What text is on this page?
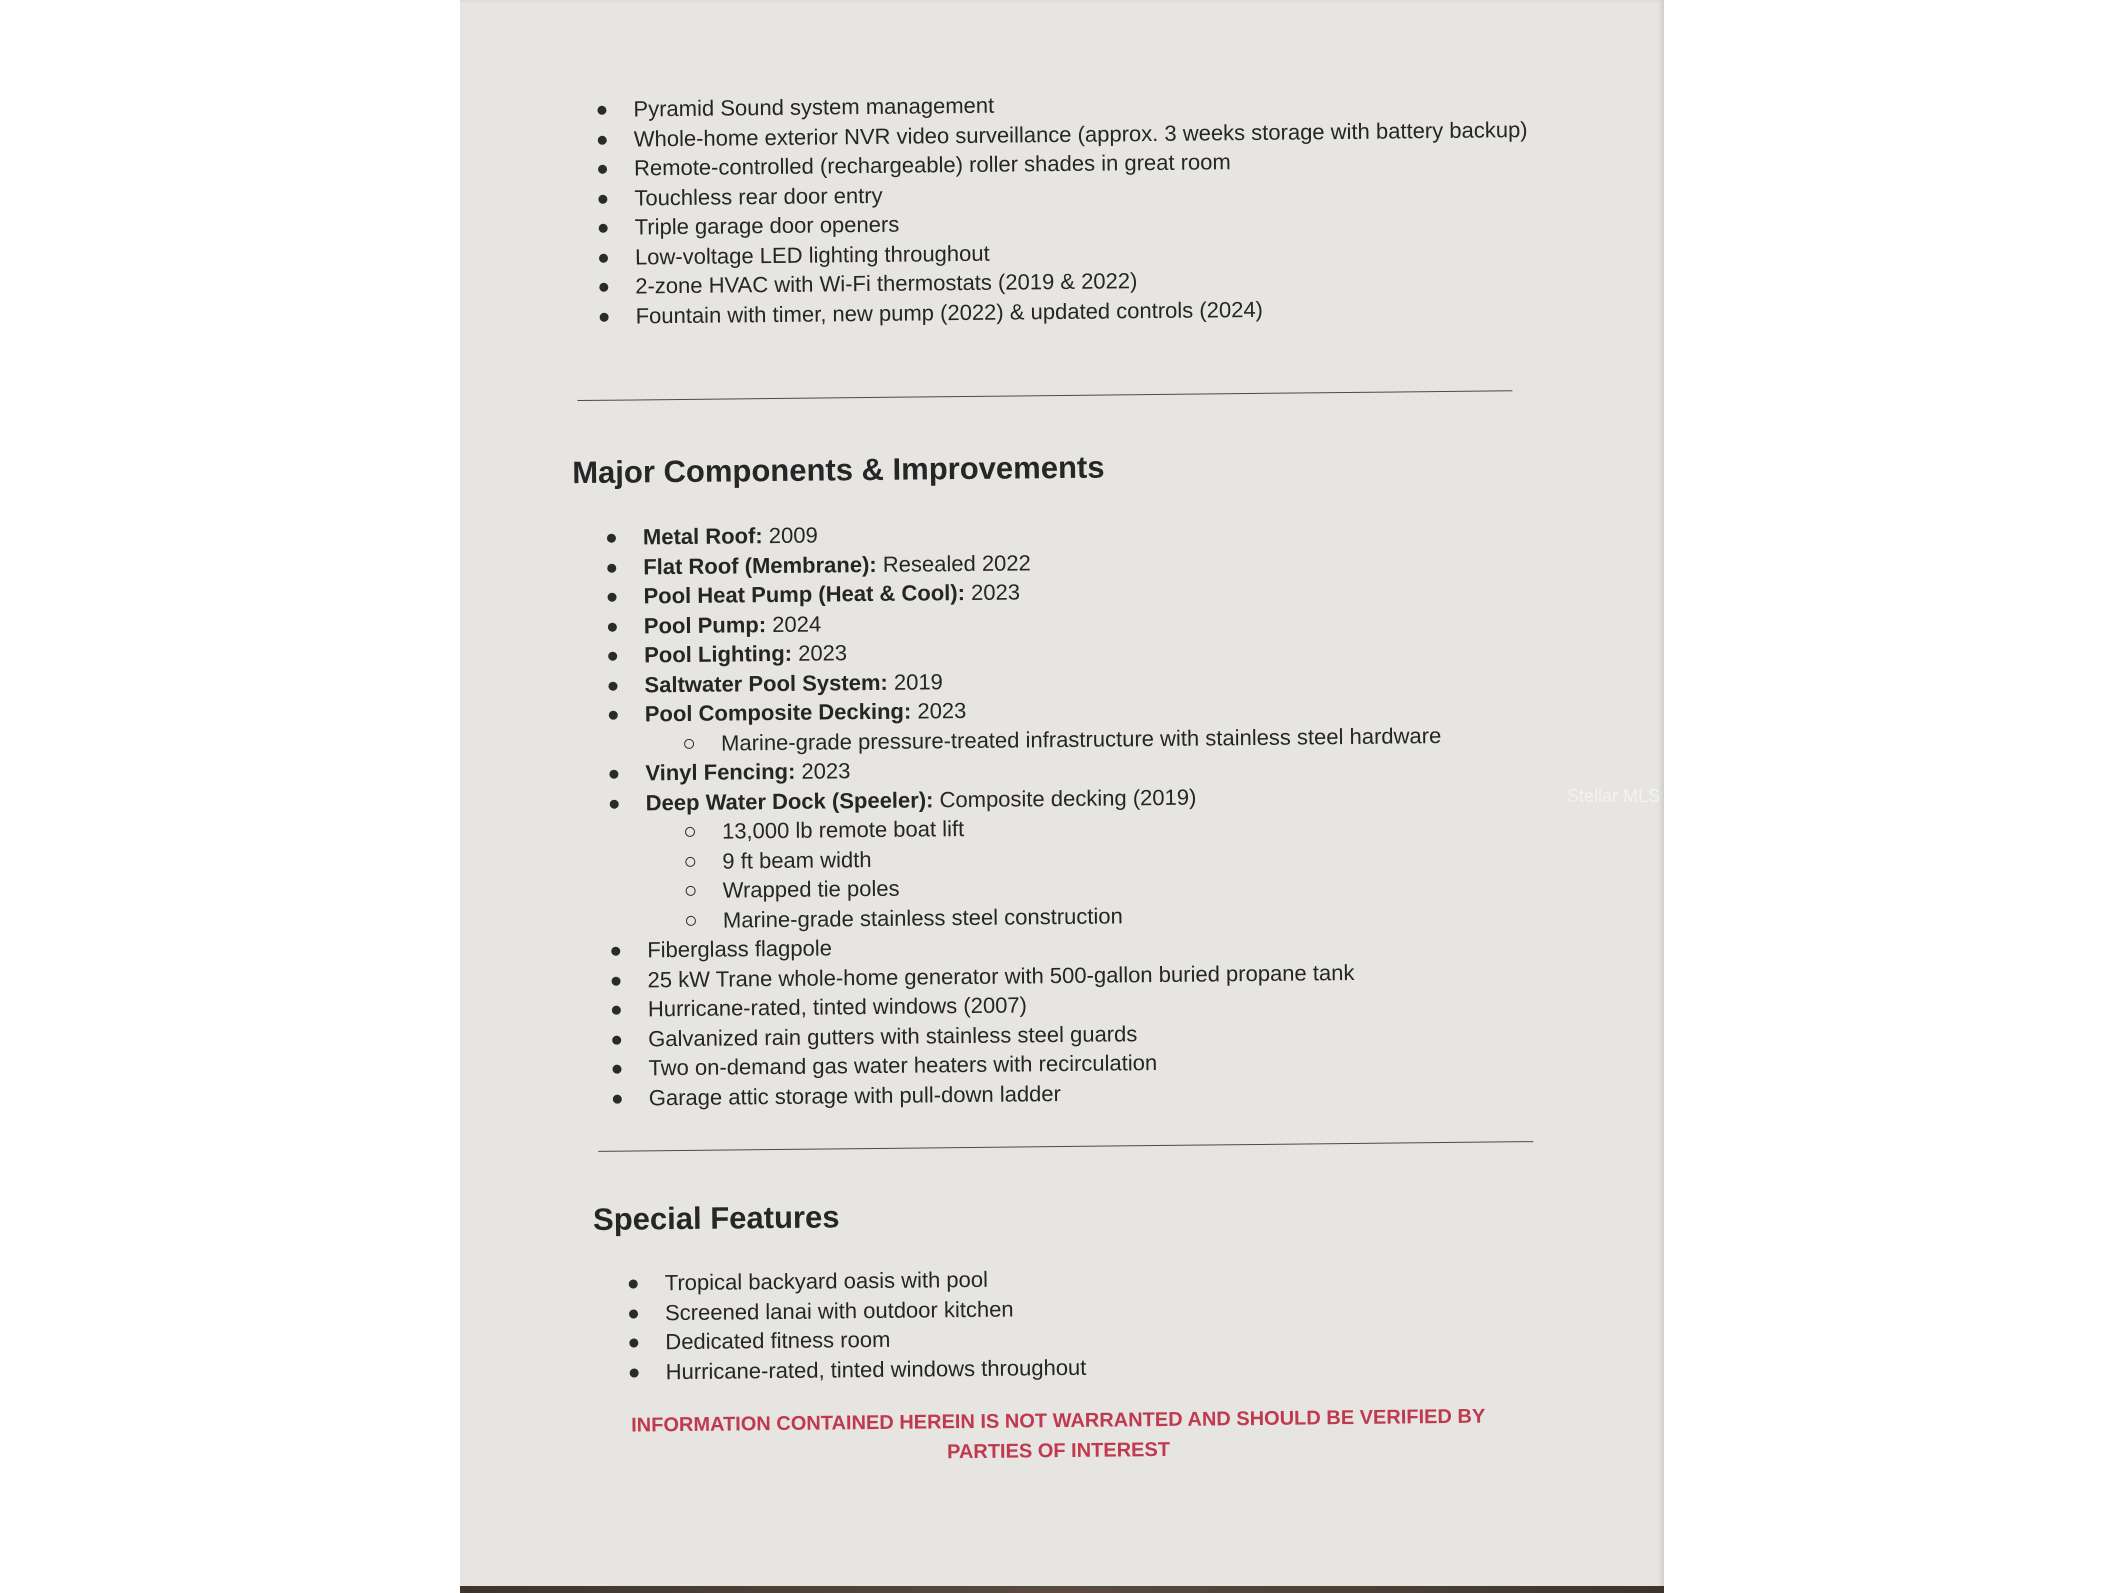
Pyramid Sound system management
Whole-home exterior NVR video surveillance (approx. 3 weeks storage with battery backup)
Remote-controlled (rechargeable) roller shades in great room
Touchless rear door entry
Triple garage door openers
Low-voltage LED lighting throughout
2-zone HVAC with Wi-Fi thermostats (2019 & 2022)
Fountain with timer, new pump (2022) & updated controls (2024)
Major Components & Improvements
Metal Roof: 2009
Flat Roof (Membrane): Resealed 2022
Pool Heat Pump (Heat & Cool): 2023
Pool Pump: 2024
Pool Lighting: 2023
Saltwater Pool System: 2019
Pool Composite Decking: 2023
Marine-grade pressure-treated infrastructure with stainless steel hardware
Vinyl Fencing: 2023
Deep Water Dock (Speeler): Composite decking (2019)
13,000 lb remote boat lift
9 ft beam width
Wrapped tie poles
Marine-grade stainless steel construction
Fiberglass flagpole
25 kW Trane whole-home generator with 500-gallon buried propane tank
Hurricane-rated, tinted windows (2007)
Galvanized rain gutters with stainless steel guards
Two on-demand gas water heaters with recirculation
Garage attic storage with pull-down ladder
Special Features
Tropical backyard oasis with pool
Screened lanai with outdoor kitchen
Dedicated fitness room
Hurricane-rated, tinted windows throughout
INFORMATION CONTAINED HEREIN IS NOT WARRANTED AND SHOULD BE VERIFIED BY PARTIES OF INTEREST
Stellar MLS
